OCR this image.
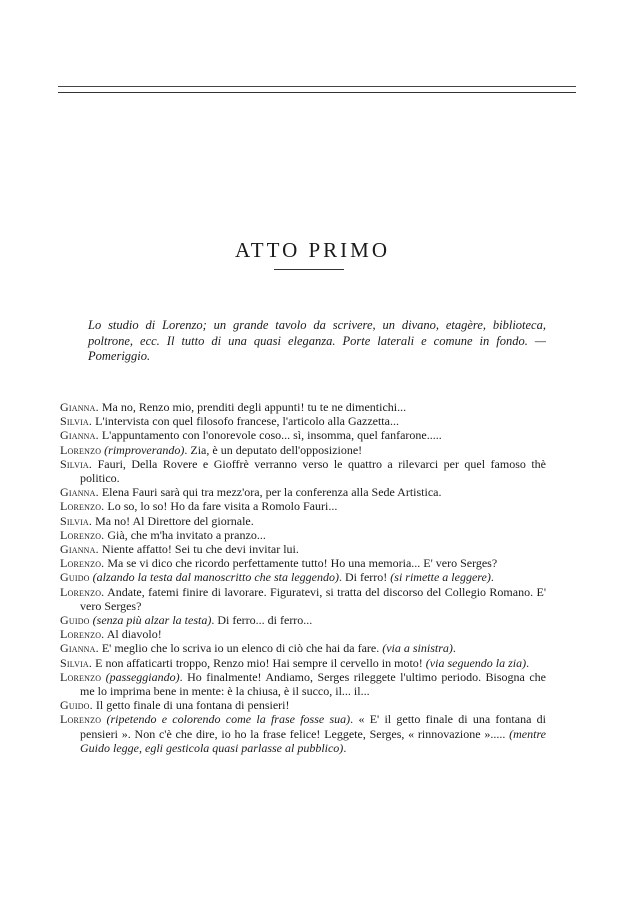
ATTO PRIMO

Lo studio di Lorenzo; un grande tavolo da scrivere, un divano, etagère, biblioteca, poltrone, ecc. Il tutto di una quasi eleganza. Porte laterali e comune in fondo. — Pomeriggio.

Gianna. Ma no, Renzo mio, prenditi degli appunti! tu te ne dimentichi...
Silvia. L'intervista con quel filosofo francese, l'articolo alla Gazzetta...
Gianna. L'appuntamento con l'onorevole coso... sì, insomma, quel fanfarone.....
Lorenzo (rimproverando). Zia, è un deputato dell'opposizione!
Silvia. Fauri, Della Rovere e Gioffrè verranno verso le quattro a rilevarci per quel famoso thè politico.
Gianna. Elena Fauri sarà qui tra mezz'ora, per la conferenza alla Sede Artistica.
Lorenzo. Lo so, lo so! Ho da fare visita a Romolo Fauri...
Silvia. Ma no! Al Direttore del giornale.
Lorenzo. Già, che m'ha invitato a pranzo...
Gianna. Niente affatto! Sei tu che devi invitar lui.
Lorenzo. Ma se vi dico che ricordo perfettamente tutto! Ho una memoria... E' vero Serges?
Guido (alzando la testa dal manoscritto che sta leggendo). Di ferro! (si rimette a leggere).
Lorenzo. Andate, fatemi finire di lavorare. Figuratevi, si tratta del discorso del Collegio Romano. E' vero Serges?
Guido (senza più alzar la testa). Di ferro... di ferro...
Lorenzo. Al diavolo!
Gianna. E' meglio che lo scriva io un elenco di ciò che hai da fare. (via a sinistra).
Silvia. E non affaticarti troppo, Renzo mio! Hai sempre il cervello in moto! (via seguendo la zia).
Lorenzo (passeggiando). Ho finalmente! Andiamo, Serges rileggete l'ultimo periodo. Bisogna che me lo imprima bene in mente: è la chiusa, è il succo, il... il...
Guido. Il getto finale di una fontana di pensieri!
Lorenzo (ripetendo e colorendo come la frase fosse sua). « E' il getto finale di una fontana di pensieri ». Non c'è che dire, io ho la frase felice! Leggete, Serges, « rinnovazione »..... (mentre Guido legge, egli gesticola quasi parlasse al pubblico).
